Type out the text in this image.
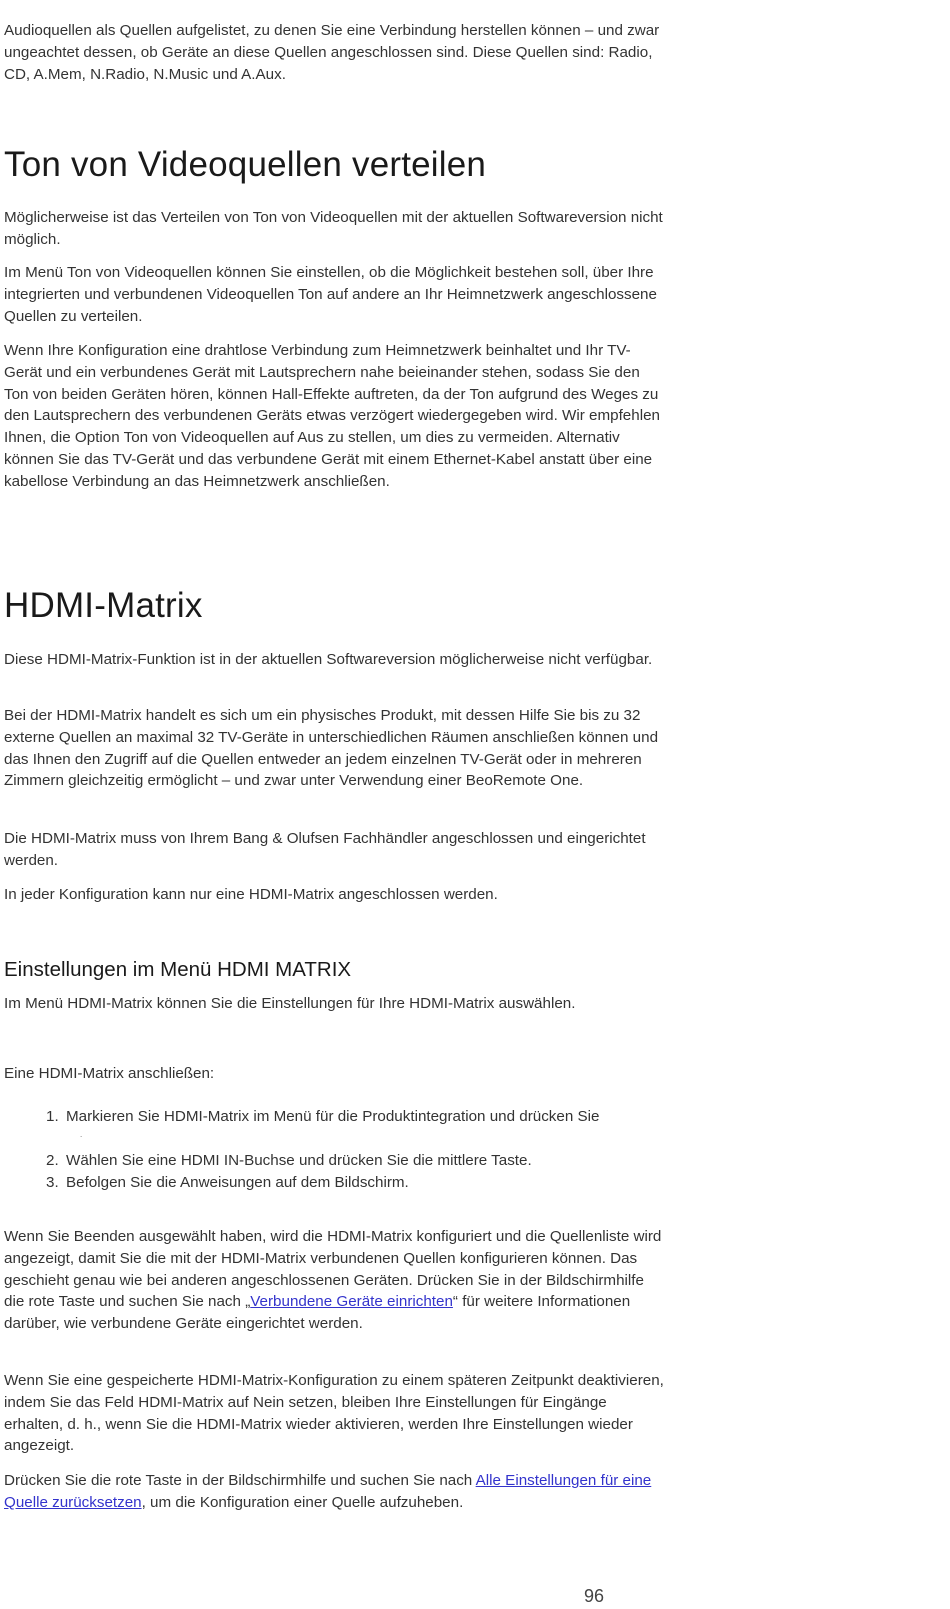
Audioquellen als Quellen aufgelistet, zu denen Sie eine Verbindung herstellen können – und zwar ungeachtet dessen, ob Geräte an diese Quellen angeschlossen sind. Diese Quellen sind: Radio, CD, A.Mem, N.Radio, N.Music und A.Aux.

Ton von Videoquellen verteilen

Möglicherweise ist das Verteilen von Ton von Videoquellen mit der aktuellen Softwareversion nicht möglich.

Im Menü Ton von Videoquellen können Sie einstellen, ob die Möglichkeit bestehen soll, über Ihre integrierten und verbundenen Videoquellen Ton auf andere an Ihr Heimnetzwerk angeschlossene Quellen zu verteilen.

Wenn Ihre Konfiguration eine drahtlose Verbindung zum Heimnetzwerk beinhaltet und Ihr TV-Gerät und ein verbundenes Gerät mit Lautsprechern nahe beieinander stehen, sodass Sie den Ton von beiden Geräten hören, können Hall-Effekte auftreten, da der Ton aufgrund des Weges zu den Lautsprechern des verbundenen Geräts etwas verzögert wiedergegeben wird. Wir empfehlen Ihnen, die Option Ton von Videoquellen auf Aus zu stellen, um dies zu vermeiden. Alternativ können Sie das TV-Gerät und das verbundene Gerät mit einem Ethernet-Kabel anstatt über eine kabellose Verbindung an das Heimnetzwerk anschließen.

HDMI-Matrix

Diese HDMI-Matrix-Funktion ist in der aktuellen Softwareversion möglicherweise nicht verfügbar.

Bei der HDMI-Matrix handelt es sich um ein physisches Produkt, mit dessen Hilfe Sie bis zu 32 externe Quellen an maximal 32 TV-Geräte in unterschiedlichen Räumen anschließen können und das Ihnen den Zugriff auf die Quellen entweder an jedem einzelnen TV-Gerät oder in mehreren Zimmern gleichzeitig ermöglicht – und zwar unter Verwendung einer BeoRemote One.

Die HDMI-Matrix muss von Ihrem Bang & Olufsen Fachhändler angeschlossen und eingerichtet werden.

In jeder Konfiguration kann nur eine HDMI-Matrix angeschlossen werden.

Einstellungen im Menü HDMI MATRIX

Im Menü HDMI-Matrix können Sie die Einstellungen für Ihre HDMI-Matrix auswählen.

Eine HDMI-Matrix anschließen:

1. Markieren Sie HDMI-Matrix im Menü für die Produktintegration und drücken Sie
.
2. Wählen Sie eine HDMI IN-Buchse und drücken Sie die mittlere Taste.
3. Befolgen Sie die Anweisungen auf dem Bildschirm.

Wenn Sie Beenden ausgewählt haben, wird die HDMI-Matrix konfiguriert und die Quellenliste wird angezeigt, damit Sie die mit der HDMI-Matrix verbundenen Quellen konfigurieren können. Das geschieht genau wie bei anderen angeschlossenen Geräten. Drücken Sie in der Bildschirmhilfe die rote Taste und suchen Sie nach „Verbundene Geräte einrichten“ für weitere Informationen darüber, wie verbundene Geräte eingerichtet werden.

Wenn Sie eine gespeicherte HDMI-Matrix-Konfiguration zu einem späteren Zeitpunkt deaktivieren, indem Sie das Feld HDMI-Matrix auf Nein setzen, bleiben Ihre Einstellungen für Eingänge erhalten, d. h., wenn Sie die HDMI-Matrix wieder aktivieren, werden Ihre Einstellungen wieder angezeigt.

Drücken Sie die rote Taste in der Bildschirmhilfe und suchen Sie nach Alle Einstellungen für eine Quelle zurücksetzen, um die Konfiguration einer Quelle aufzuheben.

96
